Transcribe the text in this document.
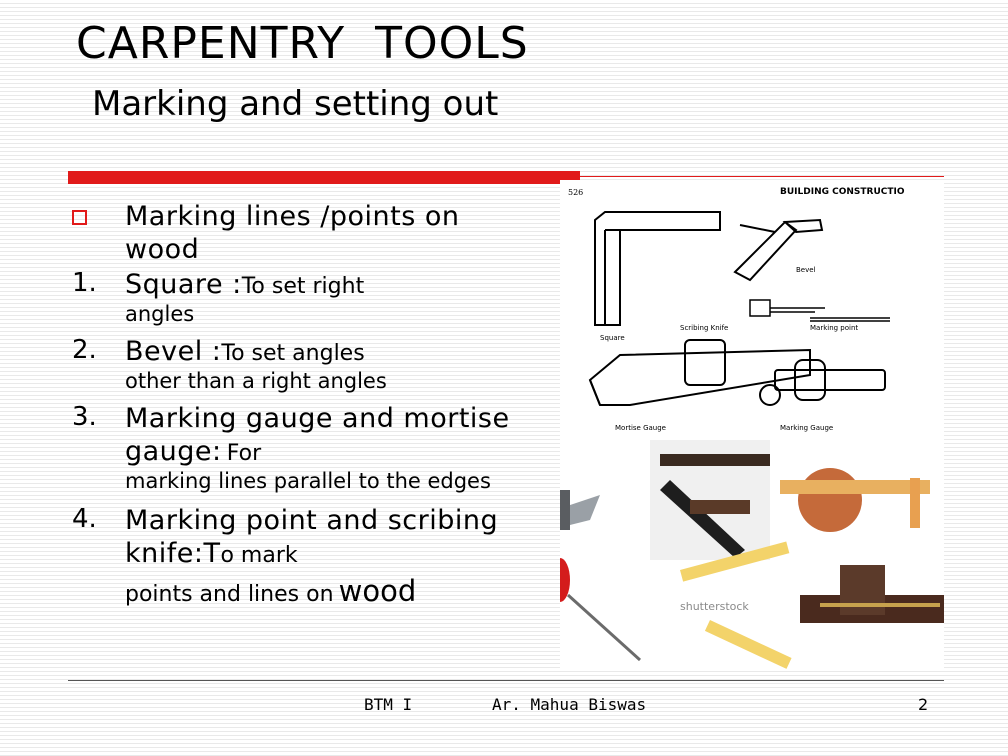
CARPENTRY  TOOLS
Marking and setting out
Marking lines /points on wood
1. Square :To set right
angles
2. Bevel :To set angles
other than a right angles
3. Marking gauge and mortise gauge: For
marking lines parallel to the edges
4. Marking point and scribing knife:To mark
points and lines on wood
526	BUILDING CONSTRUCTIO
Square
Bevel
Scribing Knife	Marking point
Mortise Gauge	Marking Gauge
shutterstock
BTM I	Ar. Mahua Biswas	2
